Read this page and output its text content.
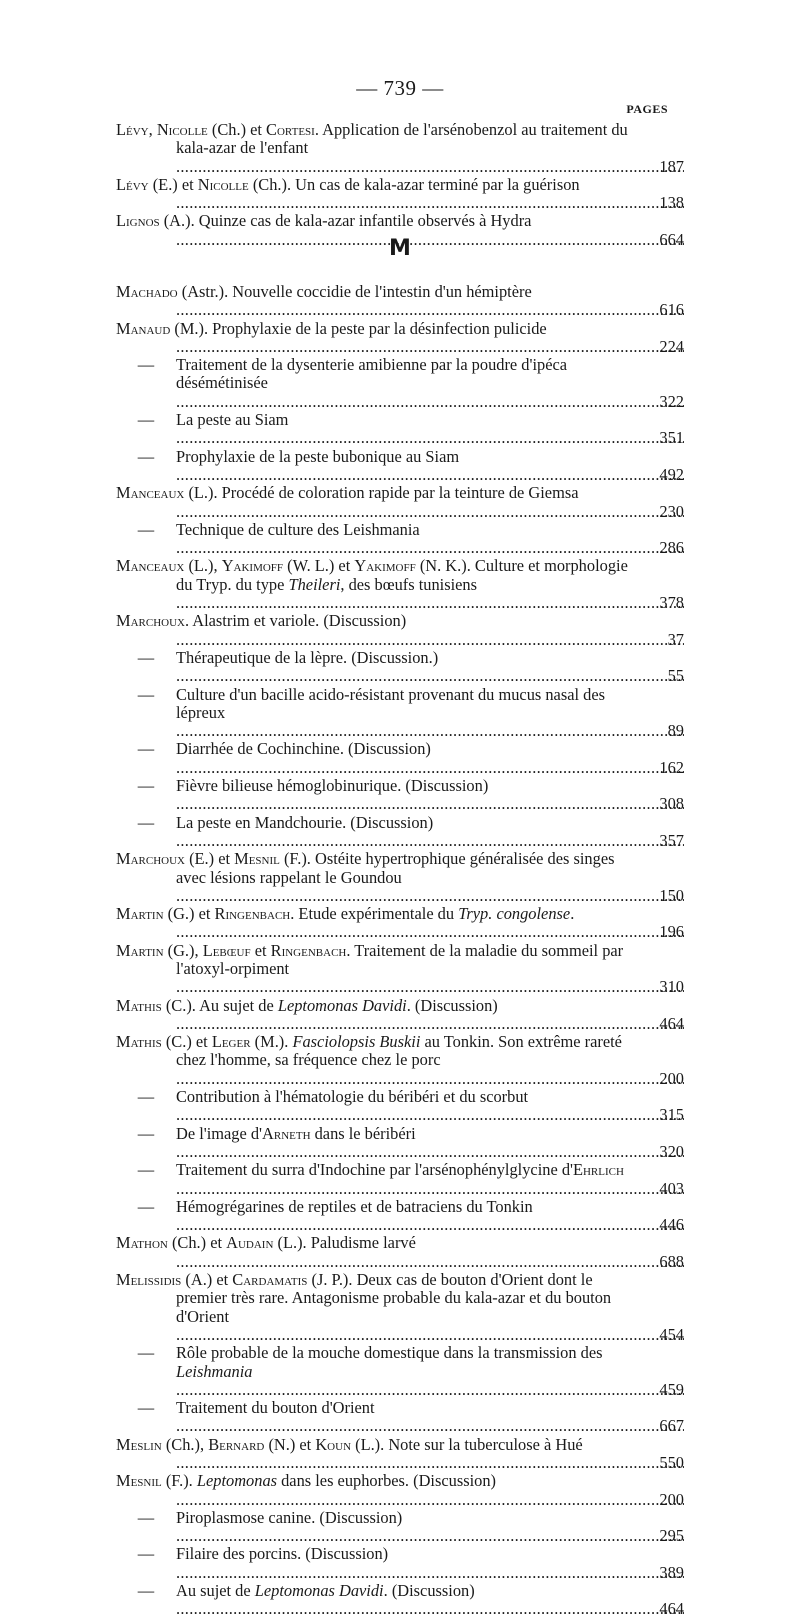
— 739 —
PAGES
Lévy, Nicolle (Ch.) et Cortesi. Application de l'arsénobenzol au traitement du kala-azar de l'enfant .....
187
Lévy (E.) et Nicolle (Ch.). Un cas de kala-azar terminé par la guérison .....
138
Lignos (A.). Quinze cas de kala-azar infantile observés à Hydra .....
664
M
Machado (Astr.). Nouvelle coccidie de l'intestin d'un hémiptère .....
616
Manaud (M.). Prophylaxie de la peste par la désinfection pulicide .....
224
— Traitement de la dysenterie amibienne par la poudre d'ipéca désémétinisée .....
322
— La peste au Siam .....
351
— Prophylaxie de la peste bubonique au Siam .....
492
Manceaux (L.). Procédé de coloration rapide par la teinture de Giemsa .....
230
— Technique de culture des Leishmania .....
286
Manceaux (L.), Yakimoff (W. L.) et Yakimoff (N. K.). Culture et morphologie du Tryp. du type Theileri, des bœufs tunisiens .....
378
Marchoux. Alastrim et variole. (Discussion) .....
37
— Thérapeutique de la lèpre. (Discussion.) .....
55
— Culture d'un bacille acido-résistant provenant du mucus nasal des lépreux .....
89
— Diarrhée de Cochinchine. (Discussion) .....
162
— Fièvre bilieuse hémoglobinurique. (Discussion) .....
308
— La peste en Mandchourie. (Discussion) .....
357
Marchoux (E.) et Mesnil (F.). Ostéite hypertrophique généralisée des singes avec lésions rappelant le Goundou .....
150
Martin (G.) et Ringenbach. Etude expérimentale du Tryp. congolense. .....
196
Martin (G.), Lebœuf et Ringenbach. Traitement de la maladie du sommeil par l'atoxyl-orpiment .....
310
Mathis (C.). Au sujet de Leptomonas Davidi. (Discussion) .....
464
Mathis (C.) et Leger (M.). Fasciolopsis Buskii au Tonkin. Son extrême rareté chez l'homme, sa fréquence chez le porc .....
200
— Contribution à l'hématologie du béribéri et du scorbut .....
315
— De l'image d'Arneth dans le béribéri .....
320
— Traitement du surra d'Indochine par l'arsénophénylglycine d'Ehrlich .....
403
— Hémogrégarines de reptiles et de batraciens du Tonkin .....
446
Mathon (Ch.) et Audain (L.). Paludisme larvé .....
688
Melissidis (A.) et Cardamatis (J. P.). Deux cas de bouton d'Orient dont le premier très rare. Antagonisme probable du kala-azar et du bouton d'Orient .....
454
— Rôle probable de la mouche domestique dans la transmission des Leishmania .....
459
— Traitement du bouton d'Orient .....
667
Meslin (Ch.), Bernard (N.) et Koun (L.). Note sur la tuberculose à Hué .....
550
Mesnil (F.). Leptomonas dans les euphorbes. (Discussion) .....
200
— Piroplasmose canine. (Discussion) .....
295
— Filaire des porcins. (Discussion) .....
389
— Au sujet de Leptomonas Davidi. (Discussion) .....
464
